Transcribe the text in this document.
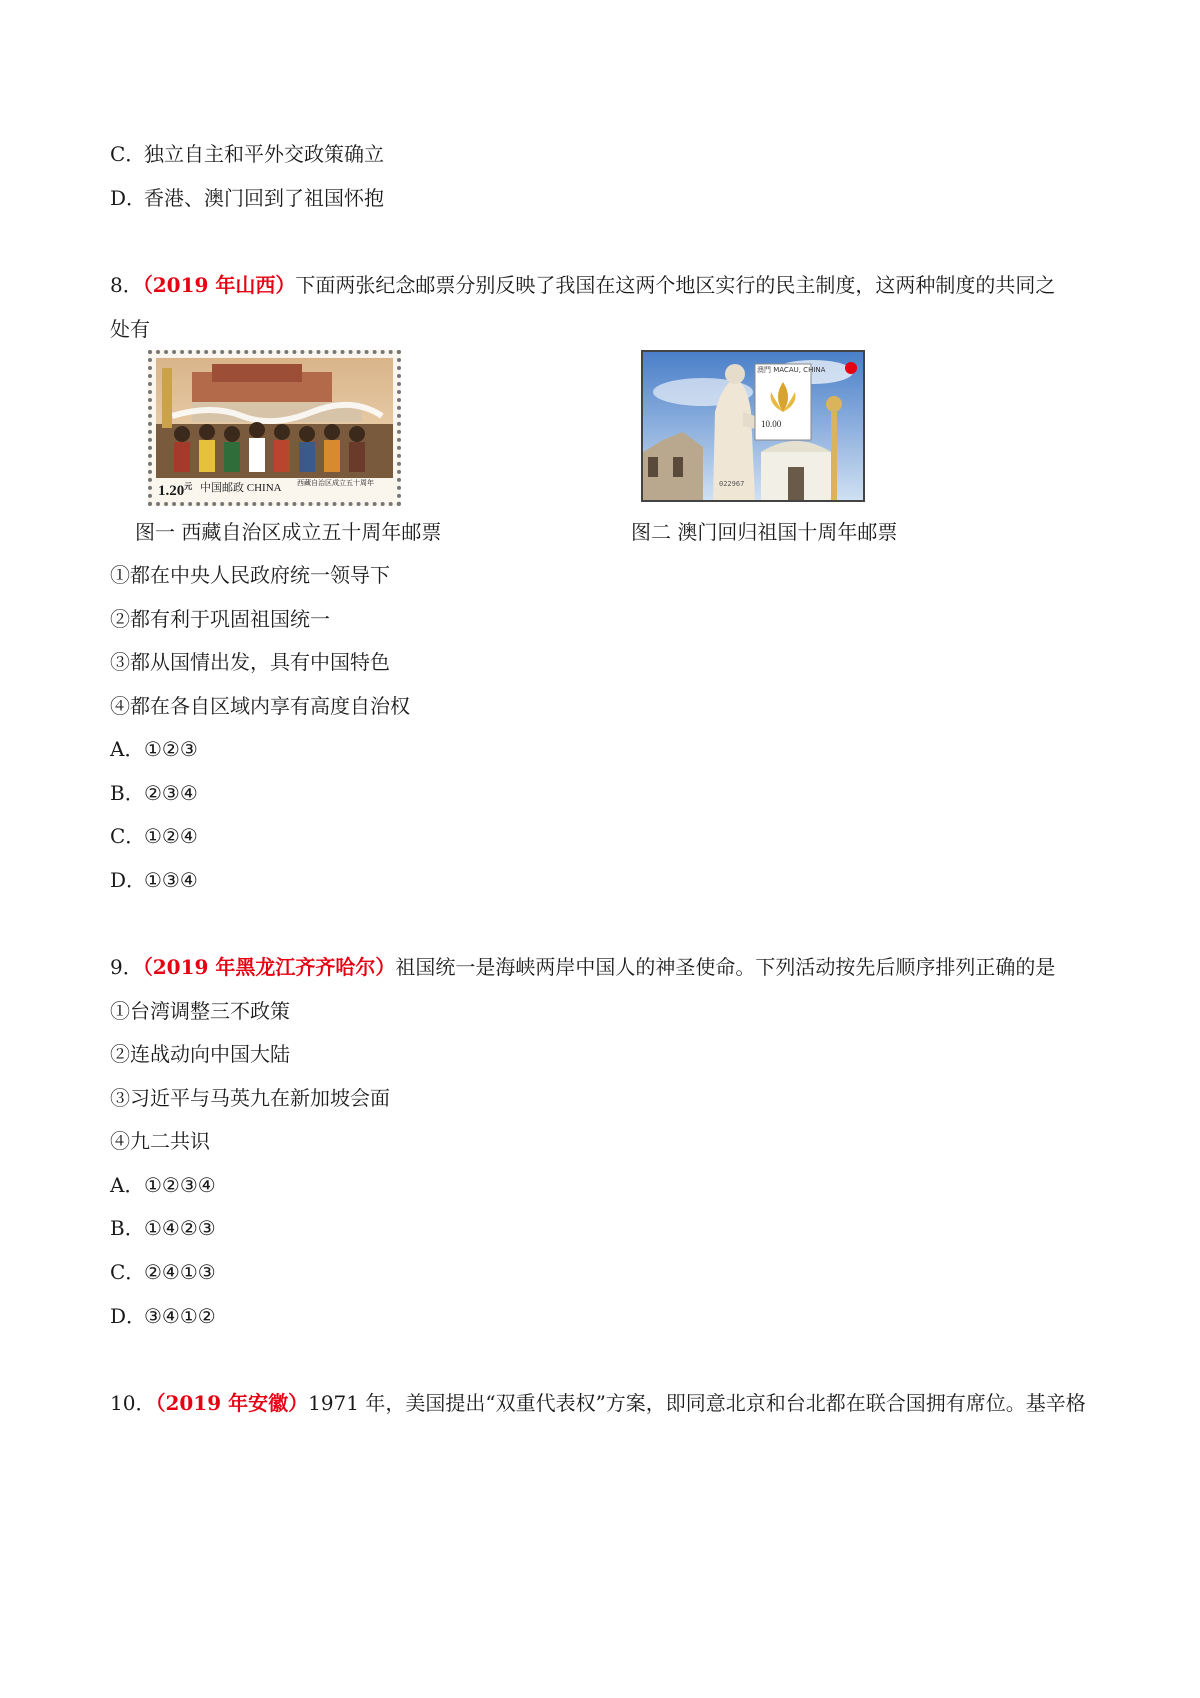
C．独立自主和平外交政策确立
D．香港、澳门回到了祖国怀抱
8．（2019 年山西）下面两张纪念邮票分别反映了我国在这两个地区实行的民主制度，这两种制度的共同之
处有
$1.20^元$ 中国邮政 CHINA 西藏自治区成立五十周年
澳門 MACAU, CHINA
10.00
022967
图一 西藏自治区成立五十周年邮票	图二 澳门回归祖国十周年邮票
①都在中央人民政府统一领导下
②都有利于巩固祖国统一
③都从国情出发，具有中国特色
④都在各自区域内享有高度自治权
A．①②③
B．②③④
C．①②④
D．①③④
9．（2019 年黑龙江齐齐哈尔）祖国统一是海峡两岸中国人的神圣使命。下列活动按先后顺序排列正确的是
①台湾调整三不政策
②连战动向中国大陆
③习近平与马英九在新加坡会面
④九二共识
A．①②③④
B．①④②③
C．②④①③
D．③④①②
10．（2019 年安徽）1971 年，美国提出“双重代表权”方案，即同意北京和台北都在联合国拥有席位。基辛格
